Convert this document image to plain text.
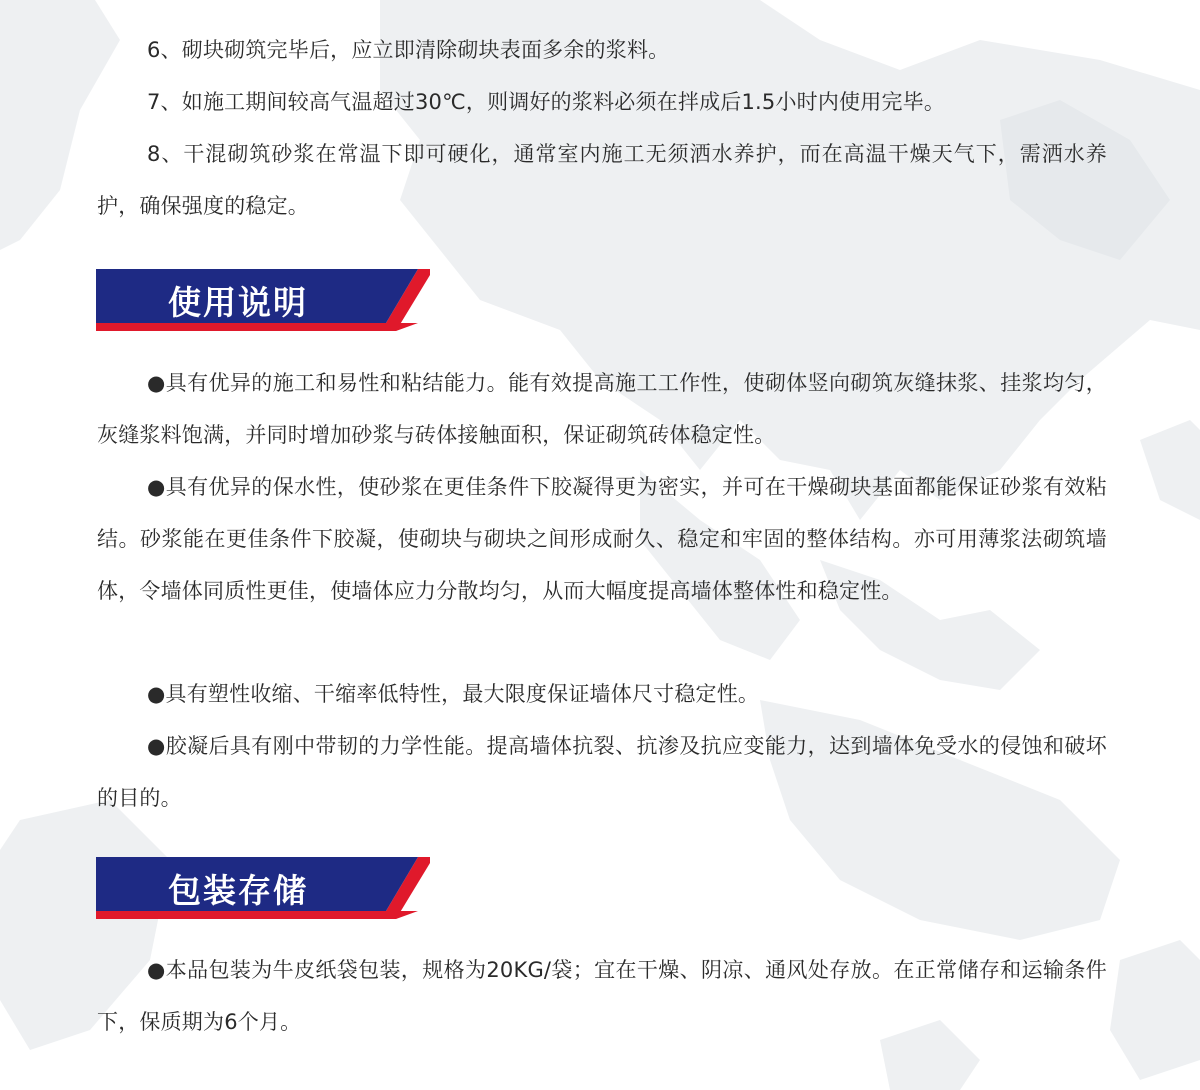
6、砌块砌筑完毕后，应立即清除砌块表面多余的浆料。

7、如施工期间较高气温超过30℃，则调好的浆料必须在拌成后1.5小时内使用完毕。

8、干混砌筑砂浆在常温下即可硬化，通常室内施工无须洒水养护，而在高温干燥天气下，需洒水养护，确保强度的稳定。

使用说明

●具有优异的施工和易性和粘结能力。能有效提高施工工作性，使砌体竖向砌筑灰缝抹浆、挂浆均匀，灰缝浆料饱满，并同时增加砂浆与砖体接触面积，保证砌筑砖体稳定性。

●具有优异的保水性，使砂浆在更佳条件下胶凝得更为密实，并可在干燥砌块基面都能保证砂浆有效粘结。砂浆能在更佳条件下胶凝，使砌块与砌块之间形成耐久、稳定和牢固的整体结构。亦可用薄浆法砌筑墙体，令墙体同质性更佳，使墙体应力分散均匀，从而大幅度提高墙体整体性和稳定性。

●具有塑性收缩、干缩率低特性，最大限度保证墙体尺寸稳定性。

●胶凝后具有刚中带韧的力学性能。提高墙体抗裂、抗渗及抗应变能力，达到墙体免受水的侵蚀和破坏的目的。

包装存储

●本品包装为牛皮纸袋包装，规格为20KG/袋；宜在干燥、阴凉、通风处存放。在正常储存和运输条件下，保质期为6个月。
